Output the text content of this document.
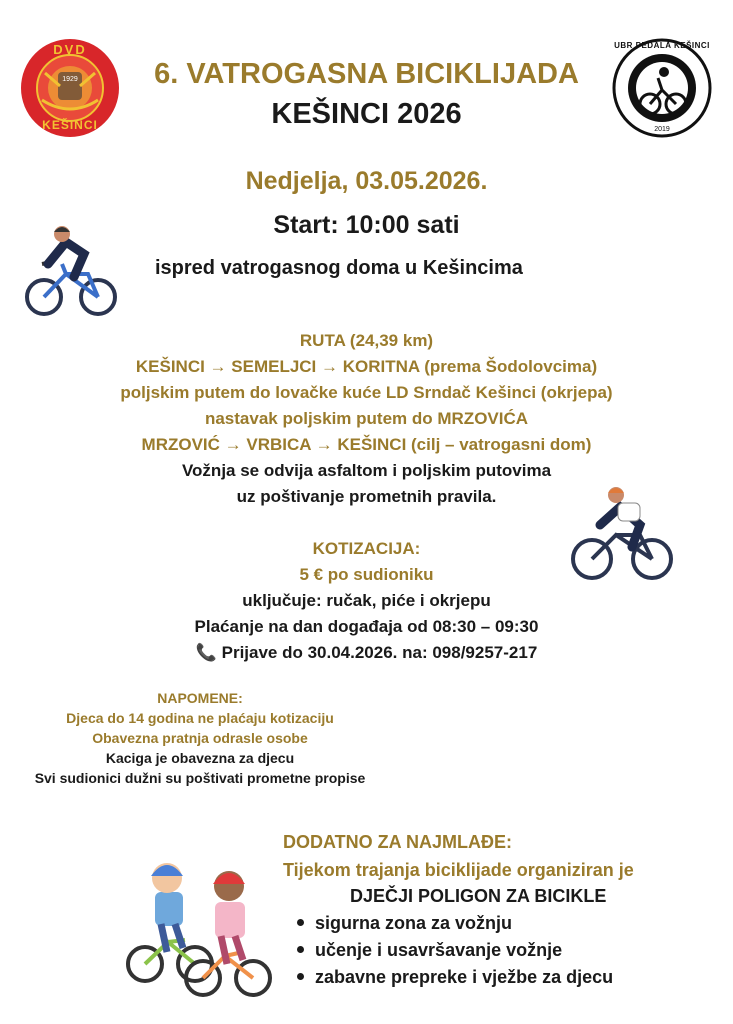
DVD
1929
KEŠINCI
UBR PEDALA KEŠINCI
2019
6. VATROGASNA BICIKLIJADA
KEŠINCI 2026
Nedjelja, 03.05.2026.
Start: 10:00 sati
ispred vatrogasnog doma u Kešincima
RUTA (24,39 km)
KEŠINCI → SEMELJCI → KORITNA (prema Šodolovcima)
poljskim putem do lovačke kuće LD Srndač Kešinci (okrjepa)
nastavak poljskim putem do MRZOVIĆA
MRZOVIĆ → VRBICA → KEŠINCI (cilj – vatrogasni dom)
Vožnja se odvija asfaltom i poljskim putovima
uz poštivanje prometnih pravila.
KOTIZACIJA:
5 € po sudioniku
uključuje: ručak, piće i okrjepu
Plaćanje na dan događaja od 08:30 – 09:30
📞 Prijave do 30.04.2026. na: 098/9257-217
NAPOMENE:
Djeca do 14 godina ne plaćaju kotizaciju
Obavezna pratnja odrasle osobe
Kaciga je obavezna za djecu
Svi sudionici dužni su poštivati prometne propise
DODATNO ZA NAJMLAĐE:
Tijekom trajanja biciklijade organiziran je
DJEČJI POLIGON ZA BICIKLE
sigurna zona za vožnju
učenje i usavršavanje vožnje
zabavne prepreke i vježbe za djecu
